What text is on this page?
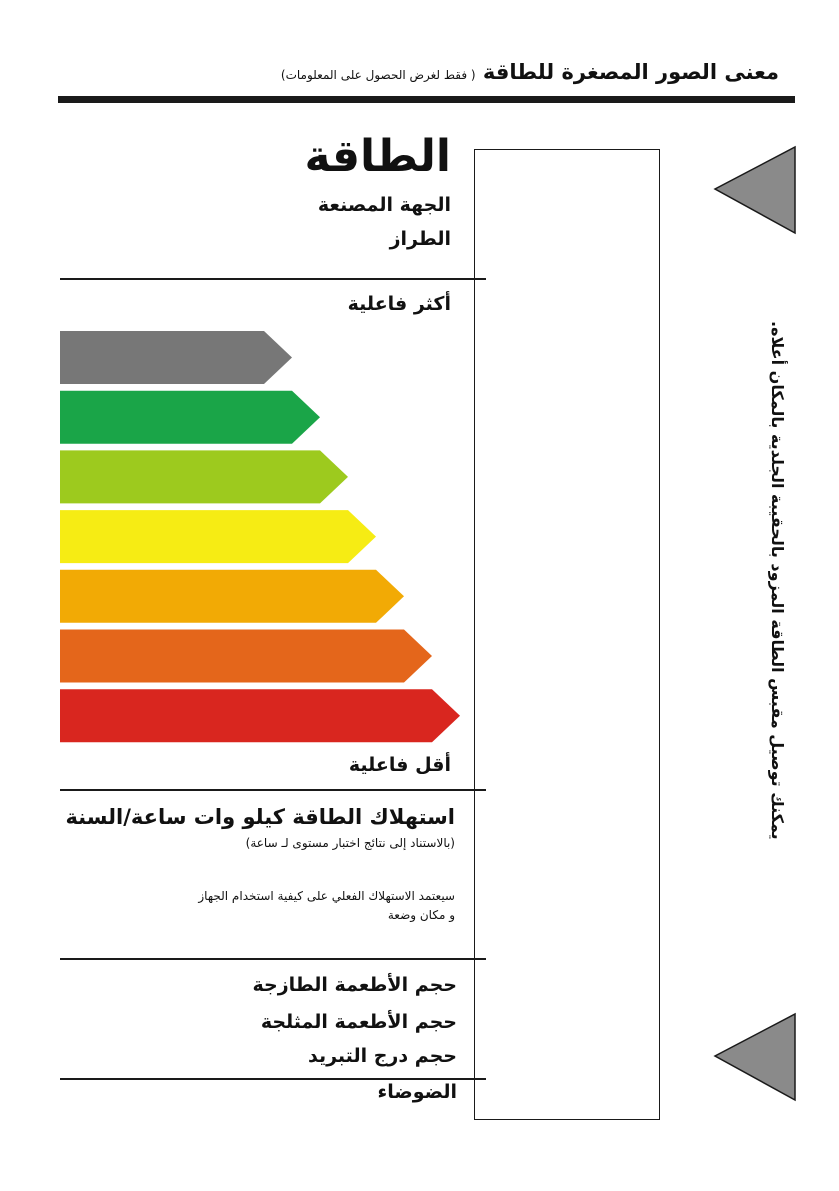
معنى الصور المصغرة للطاقة ( فقط لغرض الحصول على المعلومات)
الطاقة
الجهة المصنعة
الطراز
أكثر فاعلية
أقل فاعلية
استهلاك الطاقة كيلو وات ساعة/السنة
(بالاستناد إلى نتائج اختبار مستوى لـ ساعة)
سيعتمد الاستهلاك الفعلي على كيفية استخدام الجهاز و مكان وضعة
حجم الأطعمة الطازجة
حجم الأطعمة المثلجة
حجم درج التبريد
الضوضاء
يمكنك توصيل مقبس الطاقة المزود بالحقيبة الجلدية بالمكان أعلاه.
